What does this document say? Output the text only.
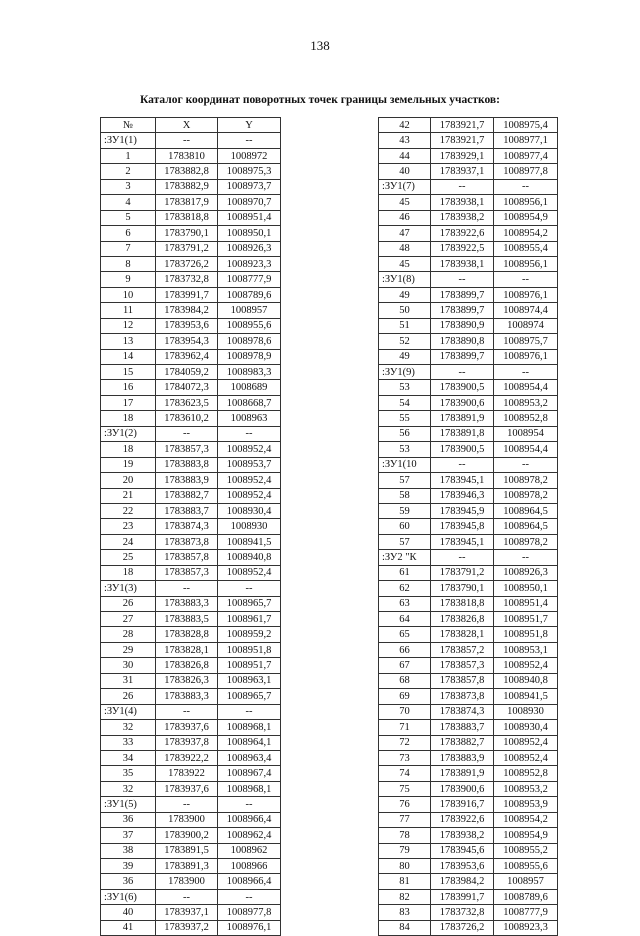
138
Каталог координат поворотных точек границы земельных участков:
№	X	Y
:ЗУ1(1)	--	--
1	1783810	1008972
2	1783882,8	1008975,3
3	1783882,9	1008973,7
4	1783817,9	1008970,7
5	1783818,8	1008951,4
6	1783790,1	1008950,1
7	1783791,2	1008926,3
8	1783726,2	1008923,3
9	1783732,8	1008777,9
10	1783991,7	1008789,6
11	1783984,2	1008957
12	1783953,6	1008955,6
13	1783954,3	1008978,6
14	1783962,4	1008978,9
15	1784059,2	1008983,3
16	1784072,3	1008689
17	1783623,5	1008668,7
18	1783610,2	1008963
:ЗУ1(2)	--	--
18	1783857,3	1008952,4
19	1783883,8	1008953,7
20	1783883,9	1008952,4
21	1783882,7	1008952,4
22	1783883,7	1008930,4
23	1783874,3	1008930
24	1783873,8	1008941,5
25	1783857,8	1008940,8
18	1783857,3	1008952,4
:ЗУ1(3)	--	--
26	1783883,3	1008965,7
27	1783883,5	1008961,7
28	1783828,8	1008959,2
29	1783828,1	1008951,8
30	1783826,8	1008951,7
31	1783826,3	1008963,1
26	1783883,3	1008965,7
:ЗУ1(4)	--	--
32	1783937,6	1008968,1
33	1783937,8	1008964,1
34	1783922,2	1008963,4
35	1783922	1008967,4
32	1783937,6	1008968,1
:ЗУ1(5)	--	--
36	1783900	1008966,4
37	1783900,2	1008962,4
38	1783891,5	1008962
39	1783891,3	1008966
36	1783900	1008966,4
:ЗУ1(6)	--	--
40	1783937,1	1008977,8
41	1783937,2	1008976,1
42	1783921,7	1008975,4
43	1783921,7	1008977,1
44	1783929,1	1008977,4
40	1783937,1	1008977,8
:ЗУ1(7)	--	--
45	1783938,1	1008956,1
46	1783938,2	1008954,9
47	1783922,6	1008954,2
48	1783922,5	1008955,4
45	1783938,1	1008956,1
:ЗУ1(8)	--	--
49	1783899,7	1008976,1
50	1783899,7	1008974,4
51	1783890,9	1008974
52	1783890,8	1008975,7
49	1783899,7	1008976,1
:ЗУ1(9)	--	--
53	1783900,5	1008954,4
54	1783900,6	1008953,2
55	1783891,9	1008952,8
56	1783891,8	1008954
53	1783900,5	1008954,4
:ЗУ1(10	--	--
57	1783945,1	1008978,2
58	1783946,3	1008978,2
59	1783945,9	1008964,5
60	1783945,8	1008964,5
57	1783945,1	1008978,2
:ЗУ2 "К	--	--
61	1783791,2	1008926,3
62	1783790,1	1008950,1
63	1783818,8	1008951,4
64	1783826,8	1008951,7
65	1783828,1	1008951,8
66	1783857,2	1008953,1
67	1783857,3	1008952,4
68	1783857,8	1008940,8
69	1783873,8	1008941,5
70	1783874,3	1008930
71	1783883,7	1008930,4
72	1783882,7	1008952,4
73	1783883,9	1008952,4
74	1783891,9	1008952,8
75	1783900,6	1008953,2
76	1783916,7	1008953,9
77	1783922,6	1008954,2
78	1783938,2	1008954,9
79	1783945,6	1008955,2
80	1783953,6	1008955,6
81	1783984,2	1008957
82	1783991,7	1008789,6
83	1783732,8	1008777,9
84	1783726,2	1008923,3
